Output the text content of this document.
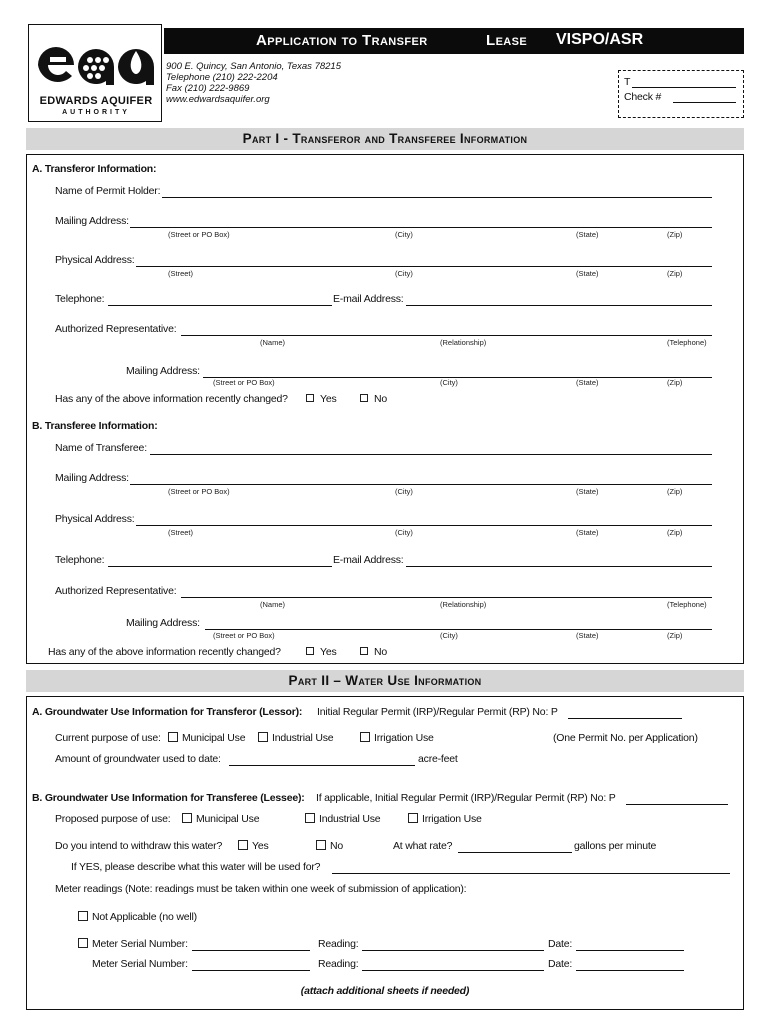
EDWARDS AQUIFER
AUTHORITY
Application to Transfer	Lease VISPO/ASR
900 E. Quincy, San Antonio, Texas 78215
Telephone (210) 222-2204
Fax (210) 222-9869
www.edwardsaquifer.org
T
Check #
Part I - Transferor and Transferee Information
A. Transferor Information:
Name of Permit Holder:
Mailing Address:
(Street or PO Box)	(City)	(State)	(Zip)
Physical Address:
(Street)	(City)	(State)	(Zip)
Telephone:	E-mail Address:
Authorized Representative:
(Name)	(Relationship)	(Telephone)
Mailing Address:
(Street or PO Box)	(City)	(State)	(Zip)
Has any of the above information recently changed?	Yes	No
B. Transferee Information:
Name of Transferee:
Mailing Address:
(Street or PO Box)	(City)	(State)	(Zip)
Physical Address:
(Street)	(City)	(State)	(Zip)
Telephone:	E-mail Address:
Authorized Representative:
(Name)	(Relationship)	(Telephone)
Mailing Address:
(Street or PO Box)	(City)	(State)	(Zip)
Has any of the above information recently changed?	Yes	No
Part II – Water Use Information
A. Groundwater Use Information for Transferor (Lessor): Initial Regular Permit (IRP)/Regular Permit (RP) No: P
Current purpose of use:	Municipal Use	Industrial Use	Irrigation Use	(One Permit No. per Application)
Amount of groundwater used to date:	acre-feet
B. Groundwater Use Information for Transferee (Lessee): If applicable, Initial Regular Permit (IRP)/Regular Permit (RP) No: P
Proposed purpose of use:	Municipal Use	Industrial Use	Irrigation Use
Do you intend to withdraw this water?	Yes	No	At what rate?	gallons per minute
If YES, please describe what this water will be used for?
Meter readings (Note: readings must be taken within one week of submission of application):
Not Applicable (no well)
Meter Serial Number:	Reading:	Date:
Meter Serial Number:	Reading:	Date:
(attach additional sheets if needed)
